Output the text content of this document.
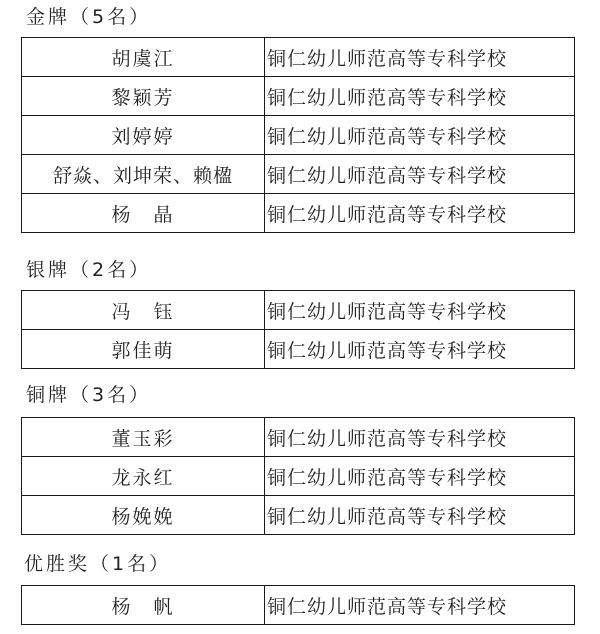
金牌（5名）
胡虞江	铜仁幼儿师范高等专科学校
黎颖芳	铜仁幼儿师范高等专科学校
刘婷婷	铜仁幼儿师范高等专科学校
舒焱、刘坤荣、赖楹	铜仁幼儿师范高等专科学校
杨　晶	铜仁幼儿师范高等专科学校
银牌（2名）
冯　钰	铜仁幼儿师范高等专科学校
郭佳萌	铜仁幼儿师范高等专科学校
铜牌（3名）
董玉彩	铜仁幼儿师范高等专科学校
龙永红	铜仁幼儿师范高等专科学校
杨娩娩	铜仁幼儿师范高等专科学校
优胜奖（1名）
杨　帆	铜仁幼儿师范高等专科学校
